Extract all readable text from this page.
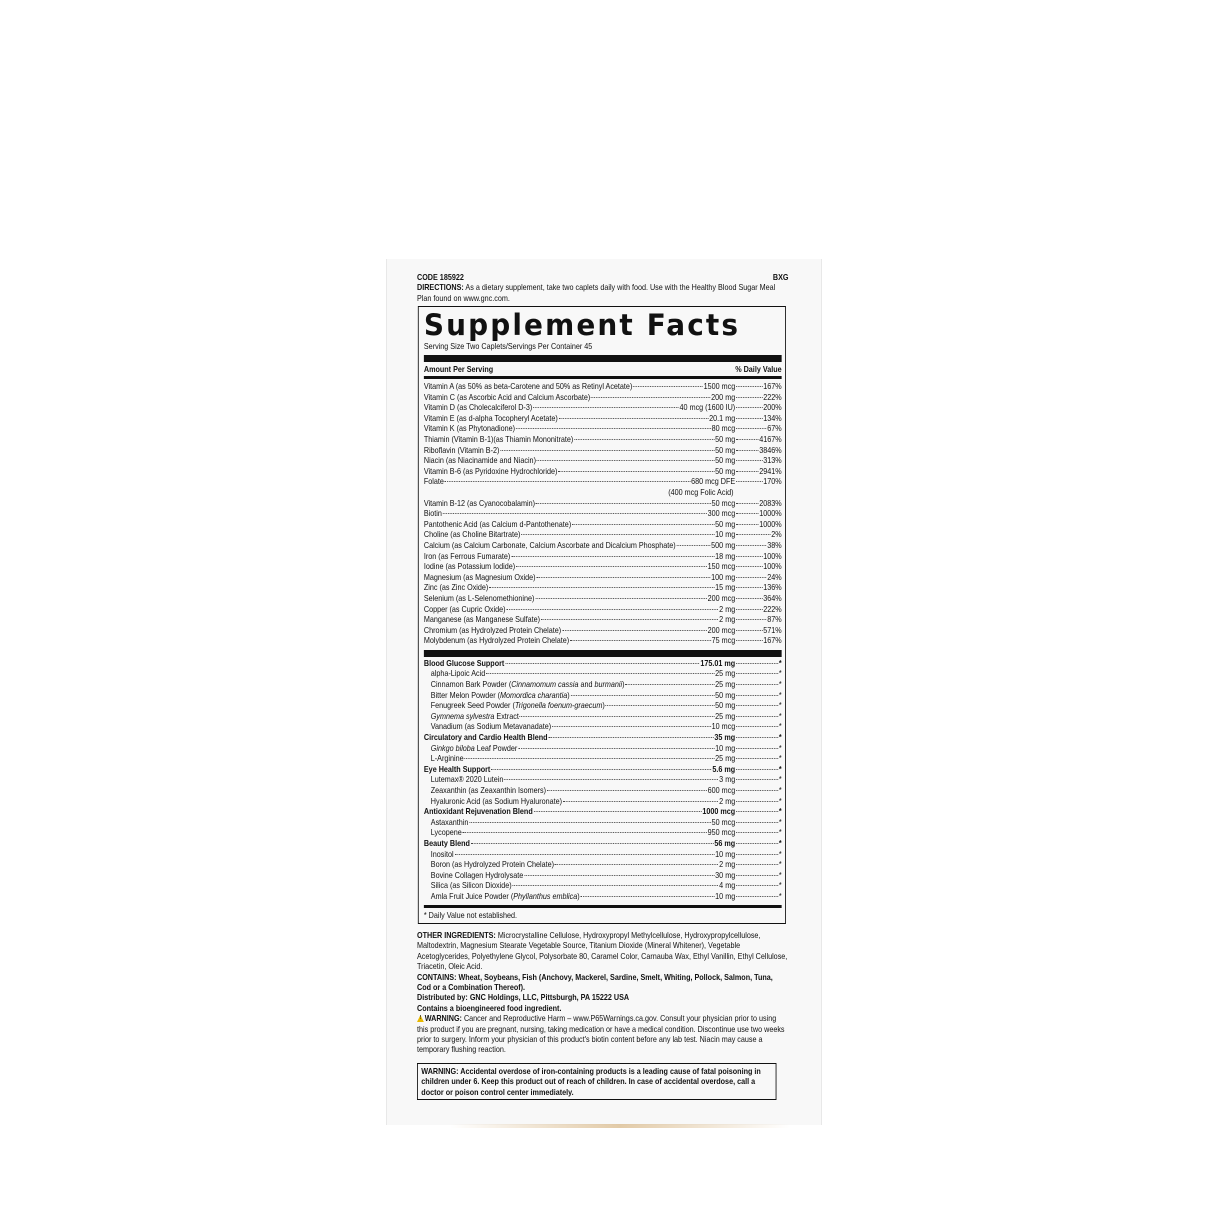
CODE 185922	BXG
DIRECTIONS: As a dietary supplement, take two caplets daily with food. Use with the Healthy Blood Sugar Meal Plan found on www.gnc.com.
Supplement Facts
Serving Size Two Caplets/Servings Per Container 45
Amount Per Serving	% Daily Value
Vitamin A (as 50% as beta-Carotene and 50% as Retinyl Acetate)	1500 mcg	167%
Vitamin C (as Ascorbic Acid and Calcium Ascorbate)	200 mg	222%
Vitamin D (as Cholecalciferol D-3)	40 mcg (1600 IU)	200%
Vitamin E (as d-alpha Tocopheryl Acetate)	20.1 mg	134%
Vitamin K (as Phytonadione)	80 mcg	67%
Thiamin (Vitamin B-1)(as Thiamin Mononitrate)	50 mg	4167%
Riboflavin (Vitamin B-2)	50 mg	3846%
Niacin (as Niacinamide and Niacin)	50 mg	313%
Vitamin B-6 (as Pyridoxine Hydrochloride)	50 mg	2941%
Folate	680 mcg DFE	170%
(400 mcg Folic Acid)
Vitamin B-12 (as Cyanocobalamin)	50 mcg	2083%
Biotin	300 mcg	1000%
Pantothenic Acid (as Calcium d-Pantothenate)	50 mg	1000%
Choline (as Choline Bitartrate)	10 mg	2%
Calcium (as Calcium Carbonate, Calcium Ascorbate and Dicalcium Phosphate)	500 mg	38%
Iron (as Ferrous Fumarate)	18 mg	100%
Iodine (as Potassium Iodide)	150 mcg	100%
Magnesium (as Magnesium Oxide)	100 mg	24%
Zinc (as Zinc Oxide)	15 mg	136%
Selenium (as L-Selenomethionine)	200 mcg	364%
Copper (as Cupric Oxide)	2 mg	222%
Manganese (as Manganese Sulfate)	2 mg	87%
Chromium (as Hydrolyzed Protein Chelate)	200 mcg	571%
Molybdenum (as Hydrolyzed Protein Chelate)	75 mcg	167%
Blood Glucose Support	175.01 mg	*
alpha-Lipoic Acid	25 mg	*
Cinnamon Bark Powder (Cinnamomum cassia and burmanii)	25 mg	*
Bitter Melon Powder (Momordica charantia)	50 mg	*
Fenugreek Seed Powder (Trigonella foenum-graecum)	50 mg	*
Gymnema sylvestra Extract	25 mg	*
Vanadium (as Sodium Metavanadate)	10 mcg	*
Circulatory and Cardio Health Blend	35 mg	*
Ginkgo biloba Leaf Powder	10 mg	*
L-Arginine	25 mg	*
Eye Health Support	5.6 mg	*
Lutemax® 2020 Lutein	3 mg	*
Zeaxanthin (as Zeaxanthin Isomers)	600 mcg	*
Hyaluronic Acid (as Sodium Hyaluronate)	2 mg	*
Antioxidant Rejuvenation Blend	1000 mcg	*
Astaxanthin	50 mcg	*
Lycopene	950 mcg	*
Beauty Blend	56 mg	*
Inositol	10 mg	*
Boron (as Hydrolyzed Protein Chelate)	2 mg	*
Bovine Collagen Hydrolysate	30 mg	*
Silica (as Silicon Dioxide)	4 mg	*
Amla Fruit Juice Powder (Phyllanthus emblica)	10 mg	*
* Daily Value not established.

OTHER INGREDIENTS: Microcrystalline Cellulose, Hydroxypropyl Methylcellulose, Hydroxypropylcellulose, Maltodextrin, Magnesium Stearate Vegetable Source, Titanium Dioxide (Mineral Whitener), Vegetable Acetoglycerides, Polyethylene Glycol, Polysorbate 80, Caramel Color, Carnauba Wax, Ethyl Vanillin, Ethyl Cellulose, Triacetin, Oleic Acid.

CONTAINS: Wheat, Soybeans, Fish (Anchovy, Mackerel, Sardine, Smelt, Whiting, Pollock, Salmon, Tuna, Cod or a Combination Thereof).

Distributed by: GNC Holdings, LLC, Pittsburgh, PA 15222 USA

Contains a bioengineered food ingredient.

!WARNING: Cancer and Reproductive Harm – www.P65Warnings.ca.gov. Consult your physician prior to using this product if you are pregnant, nursing, taking medication or have a medical condition. Discontinue use two weeks prior to surgery. Inform your physician of this product's biotin content before any lab test. Niacin may cause a temporary flushing reaction.

WARNING: Accidental overdose of iron-containing products is a leading cause of fatal poisoning in children under 6. Keep this product out of reach of children. In case of accidental overdose, call a doctor or poison control center immediately.
